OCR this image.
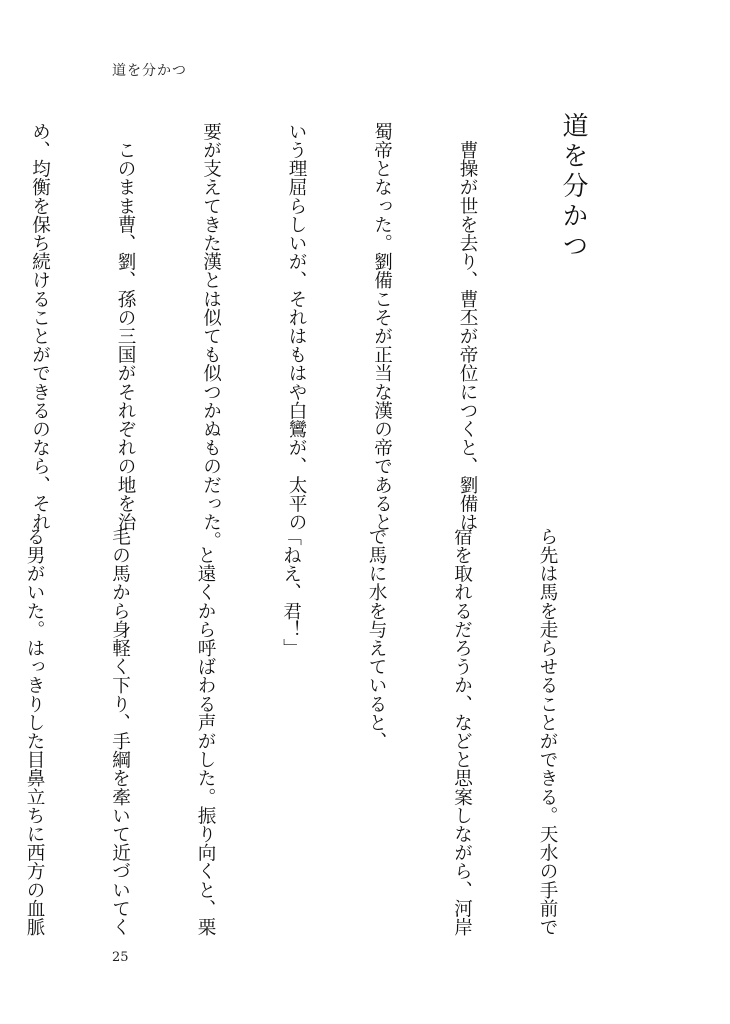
道を分かつ
道を分かつ

　曹操が世を去り、曹丕が帝位につくと、劉備は

蜀帝となった。劉備こそが正当な漢の帝であると

いう理屈らしいが、それはもはや白鸞が、太平の

要が支えてきた漢とは似ても似つかぬものだった。

　このまま曹、劉、孫の三国がそれぞれの地を治

め、均衡を保ち続けることができるのなら、それ

ら先は馬を走らせることができる。天水の手前で

宿を取れるだろうか、などと思案しながら、河岸

で馬に水を与えていると、

「ねえ、君！」

　と遠くから呼ばわる声がした。振り向くと、栗

毛の馬から身軽く下り、手綱を牽いて近づいてく

る男がいた。はっきりした目鼻立ちに西方の血脈

25
